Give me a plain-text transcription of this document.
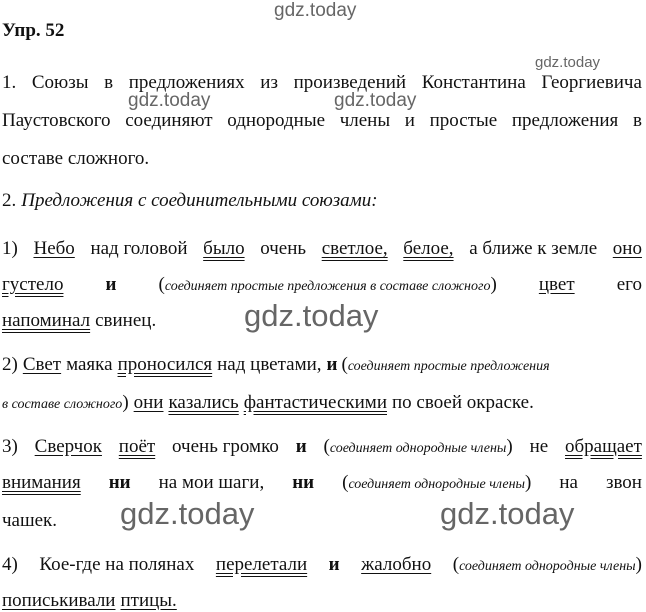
Упр. 52
1. Союзы в предложениях из произведений Константина Георгиевича
Паустовского соединяют однородные члены и простые предложения в
составе сложного.
2. Предложения с соединительными союзами:
1) Небо над головой было очень светлое, белое, а ближе к земле оно
густело и (соединяет простые предложения в составе сложного) цвет его
напоминал свинец.
2) Свет маяка проносился над цветами, и (соединяет простые предложения
в составе сложного) они казались фантастическими по своей окраске.
3) Сверчок поёт очень громко и (соединяет однородные члены) не обращает
внимания ни на мои шаги, ни (соединяет однородные члены) на звон
чашек.
4) Кое-где на полянах перелетали и жалобно (соединяет однородные члены)
пописькивали птицы.
gdz.today
gdz.today
gdz.today	gdz.today
gdz.today
gdz.today	gdz.today
